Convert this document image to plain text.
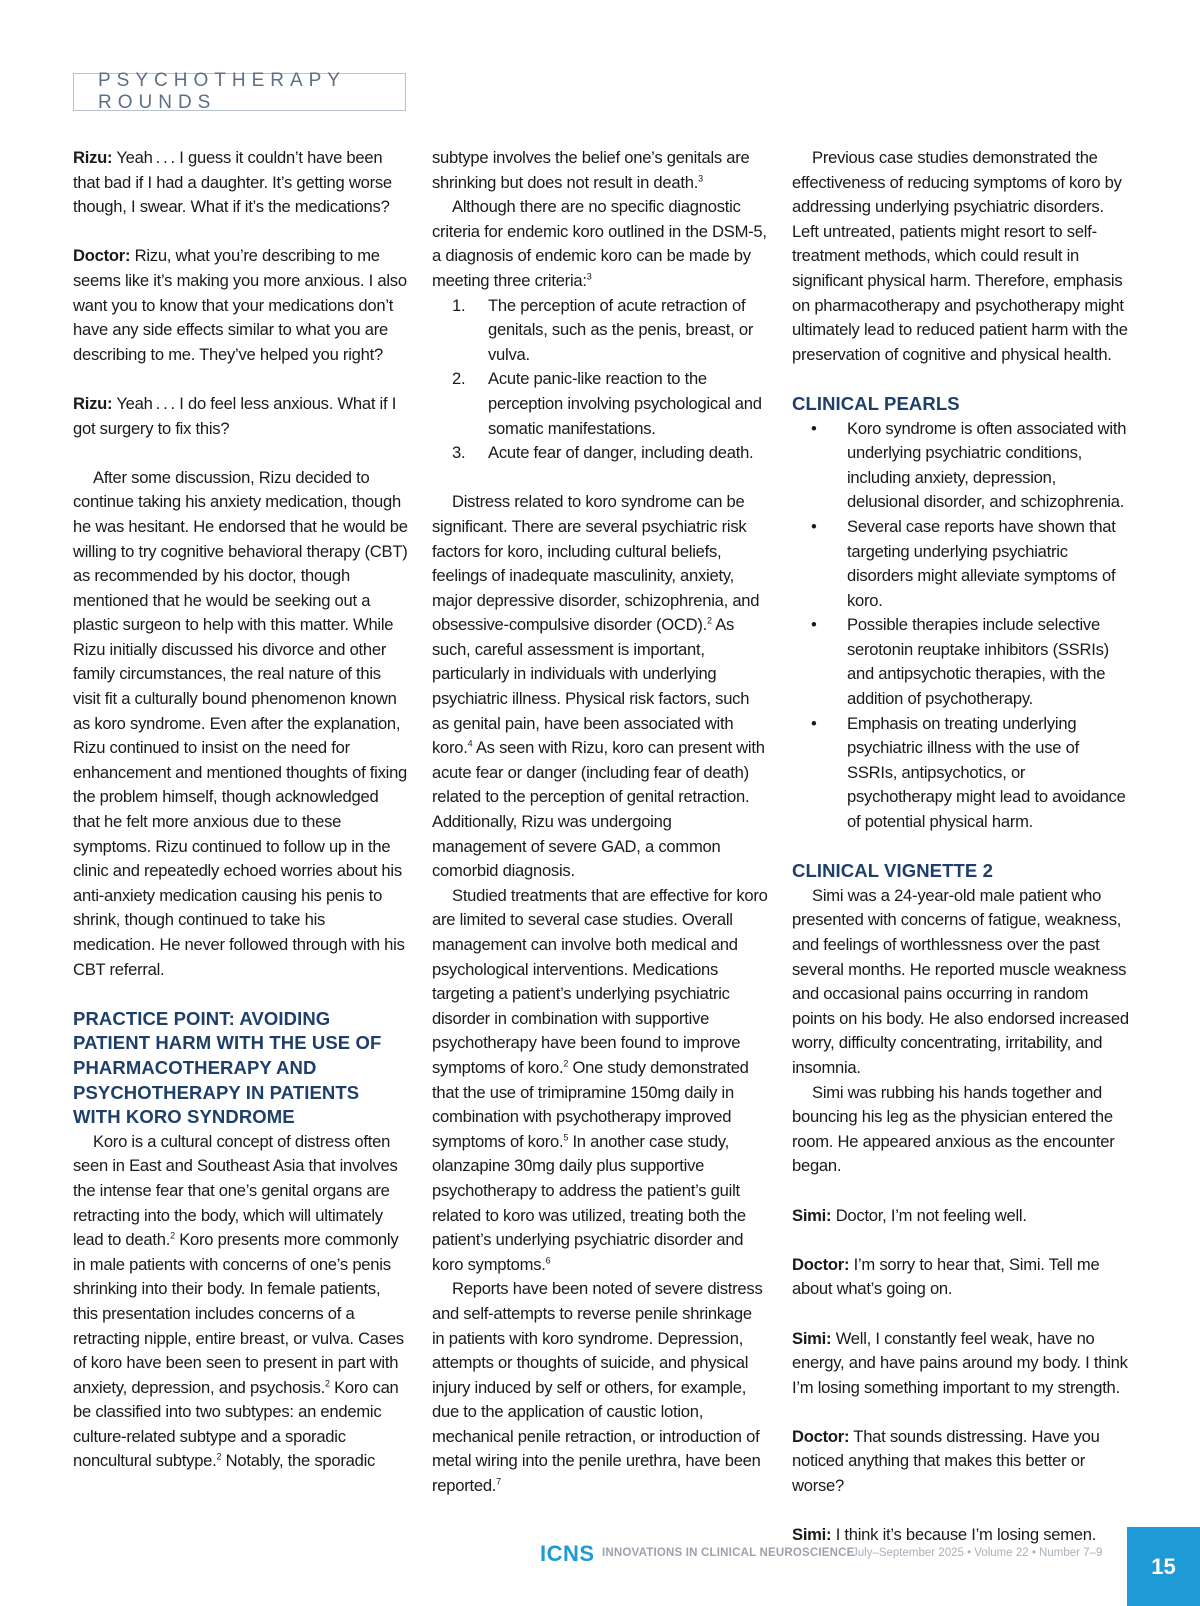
PSYCHOTHERAPY ROUNDS

Rizu: Yeah . . . I guess it couldn’t have been that bad if I had a daughter. It’s getting worse though, I swear. What if it’s the medications?

Doctor: Rizu, what you’re describing to me seems like it’s making you more anxious. I also want you to know that your medications don’t have any side effects similar to what you are describing to me. They’ve helped you right?

Rizu: Yeah . . . I do feel less anxious. What if I got surgery to fix this?

After some discussion, Rizu decided to continue taking his anxiety medication, though he was hesitant. He endorsed that he would be willing to try cognitive behavioral therapy (CBT) as recommended by his doctor, though mentioned that he would be seeking out a plastic surgeon to help with this matter. While Rizu initially discussed his divorce and other family circumstances, the real nature of this visit fit a culturally bound phenomenon known as koro syndrome. Even after the explanation, Rizu continued to insist on the need for enhancement and mentioned thoughts of fixing the problem himself, though acknowledged that he felt more anxious due to these symptoms. Rizu continued to follow up in the clinic and repeatedly echoed worries about his anti-anxiety medication causing his penis to shrink, though continued to take his medication. He never followed through with his CBT referral.

PRACTICE POINT: AVOIDING PATIENT HARM WITH THE USE OF PHARMACOTHERAPY AND PSYCHOTHERAPY IN PATIENTS WITH KORO SYNDROME

Koro is a cultural concept of distress often seen in East and Southeast Asia that involves the intense fear that one’s genital organs are retracting into the body, which will ultimately lead to death.$^2$ Koro presents more commonly in male patients with concerns of one’s penis shrinking into their body. In female patients, this presentation includes concerns of a retracting nipple, entire breast, or vulva. Cases of koro have been seen to present in part with anxiety, depression, and psychosis.$^2$ Koro can be classified into two subtypes: an endemic culture-related subtype and a sporadic noncultural subtype.$^2$ Notably, the sporadic

subtype involves the belief one’s genitals are shrinking but does not result in death.$^3$

Although there are no specific diagnostic criteria for endemic koro outlined in the DSM-5, a diagnosis of endemic koro can be made by meeting three criteria:$^3$

1. The perception of acute retraction of genitals, such as the penis, breast, or vulva.
2. Acute panic-like reaction to the perception involving psychological and somatic manifestations.
3. Acute fear of danger, including death.

Distress related to koro syndrome can be significant. There are several psychiatric risk factors for koro, including cultural beliefs, feelings of inadequate masculinity, anxiety, major depressive disorder, schizophrenia, and obsessive-compulsive disorder (OCD).$^2$ As such, careful assessment is important, particularly in individuals with underlying psychiatric illness. Physical risk factors, such as genital pain, have been associated with koro.$^4$ As seen with Rizu, koro can present with acute fear or danger (including fear of death) related to the perception of genital retraction. Additionally, Rizu was undergoing management of severe GAD, a common comorbid diagnosis.

Studied treatments that are effective for koro are limited to several case studies. Overall management can involve both medical and psychological interventions. Medications targeting a patient’s underlying psychiatric disorder in combination with supportive psychotherapy have been found to improve symptoms of koro.$^2$ One study demonstrated that the use of trimipramine 150mg daily in combination with psychotherapy improved symptoms of koro.$^5$ In another case study, olanzapine 30mg daily plus supportive psychotherapy to address the patient’s guilt related to koro was utilized, treating both the patient’s underlying psychiatric disorder and koro symptoms.$^6$

Reports have been noted of severe distress and self-attempts to reverse penile shrinkage in patients with koro syndrome. Depression, attempts or thoughts of suicide, and physical injury induced by self or others, for example, due to the application of caustic lotion, mechanical penile retraction, or introduction of metal wiring into the penile urethra, have been reported.$^7$

Previous case studies demonstrated the effectiveness of reducing symptoms of koro by addressing underlying psychiatric disorders. Left untreated, patients might resort to self-treatment methods, which could result in significant physical harm. Therefore, emphasis on pharmacotherapy and psychotherapy might ultimately lead to reduced patient harm with the preservation of cognitive and physical health.

CLINICAL PEARLS
• Koro syndrome is often associated with underlying psychiatric conditions, including anxiety, depression, delusional disorder, and schizophrenia.
• Several case reports have shown that targeting underlying psychiatric disorders might alleviate symptoms of koro.
• Possible therapies include selective serotonin reuptake inhibitors (SSRIs) and antipsychotic therapies, with the addition of psychotherapy.
• Emphasis on treating underlying psychiatric illness with the use of SSRIs, antipsychotics, or psychotherapy might lead to avoidance of potential physical harm.
CLINICAL VIGNETTE 2

Simi was a 24-year-old male patient who presented with concerns of fatigue, weakness, and feelings of worthlessness over the past several months. He reported muscle weakness and occasional pains occurring in random points on his body. He also endorsed increased worry, difficulty concentrating, irritability, and insomnia.

Simi was rubbing his hands together and bouncing his leg as the physician entered the room. He appeared anxious as the encounter began.

Simi: Doctor, I’m not feeling well.

Doctor: I’m sorry to hear that, Simi. Tell me about what’s going on.

Simi: Well, I constantly feel weak, have no energy, and have pains around my body. I think I’m losing something important to my strength.

Doctor: That sounds distressing. Have you noticed anything that makes this better or worse?

Simi: I think it’s because I’m losing semen.

ICNS INNOVATIONS IN CLINICAL NEUROSCIENCE
July–September 2025 • Volume 22 • Number 7–9
15
